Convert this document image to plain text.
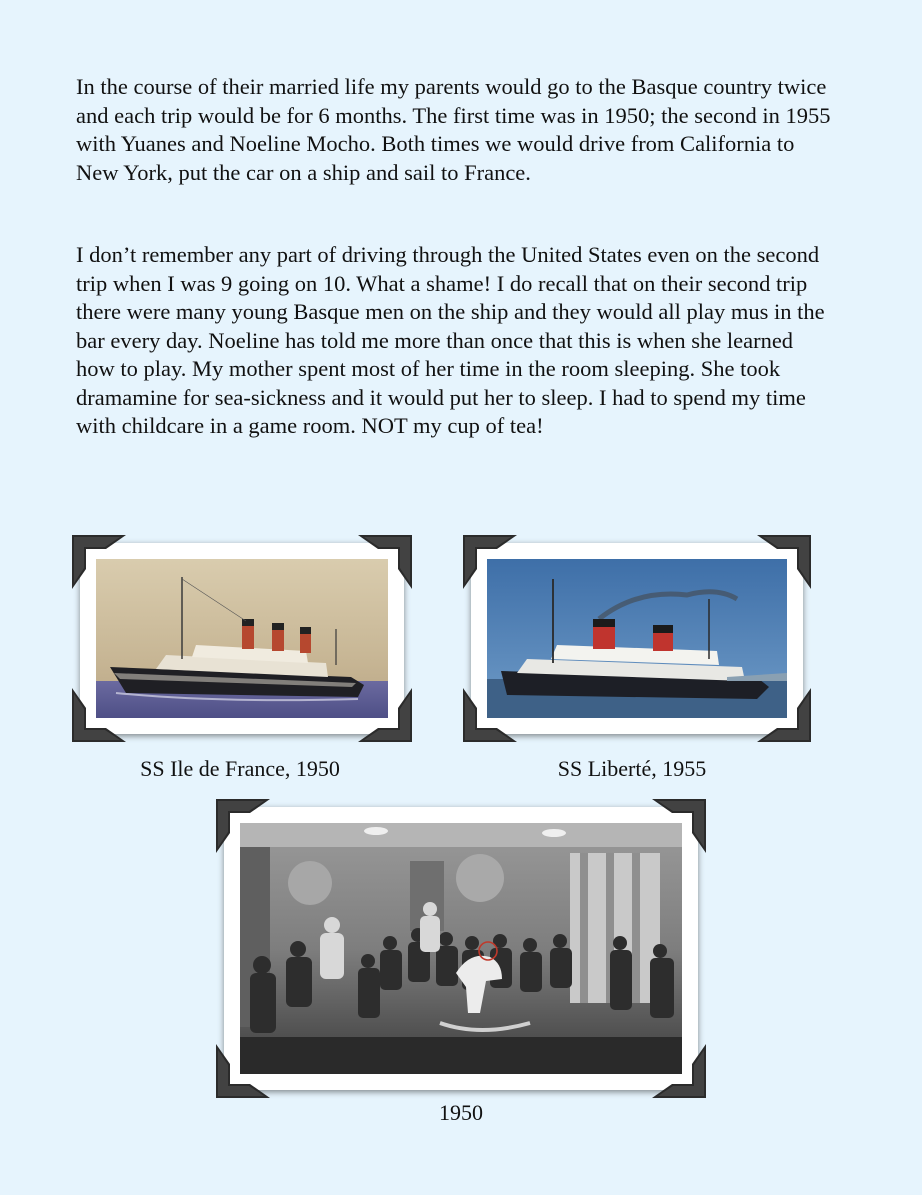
In the course of their married life my parents would go to the Basque country twice and each trip would be for 6 months. The first time was in 1950; the second in 1955 with Yuanes and Noeline Mocho. Both times we would drive from California to New York, put the car on a ship and sail to France.

I don’t remember any part of driving through the United States even on the second trip when I was 9 going on 10. What a shame! I do recall that on their second trip there were many young Basque men on the ship and they would all play mus in the bar every day. Noeline has told me more than once that this is when she learned how to play. My mother spent most of her time in the room sleeping. She took dramamine for sea-sickness and it would put her to sleep. I had to spend my time with childcare in a game room. NOT my cup of tea!

SS Ile de France, 1950	SS Liberté, 1955
1950
